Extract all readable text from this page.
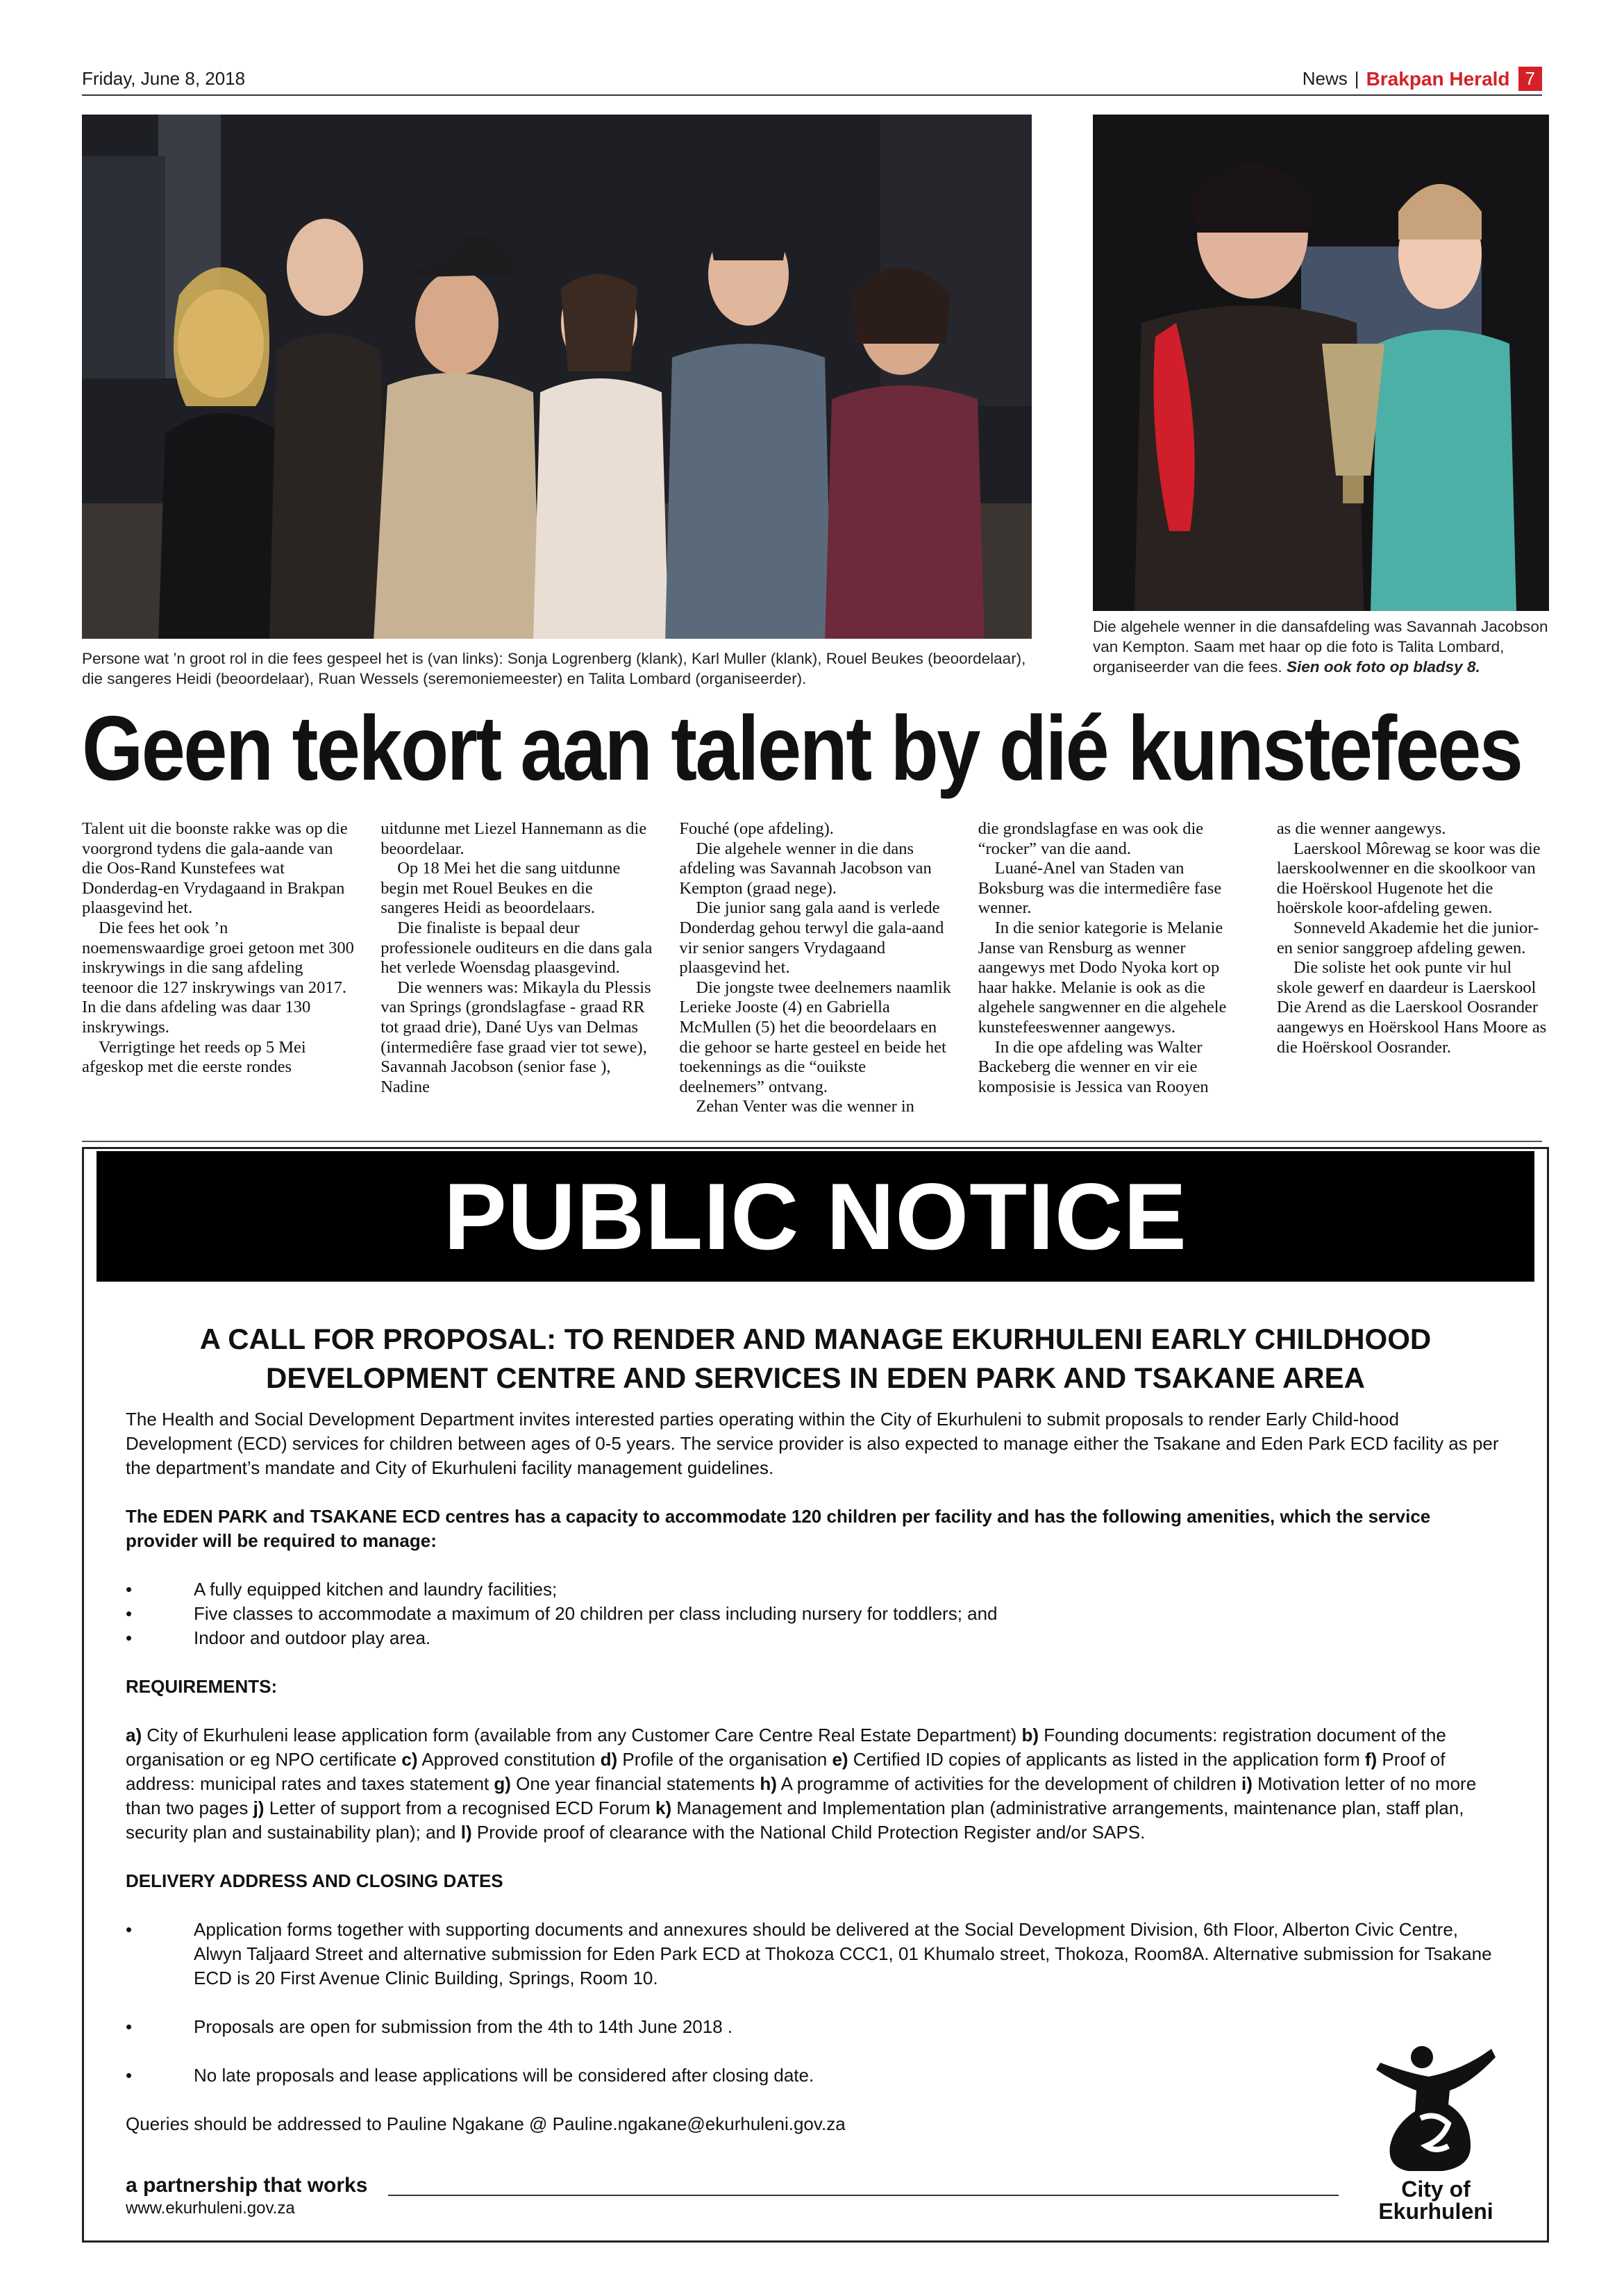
Friday, June 8, 2018	News | Brakpan Herald 7

Persone wat ’n groot rol in die fees gespeel het is (van links): Sonja Logrenberg (klank), Karl Muller (klank), Rouel Beukes (beoordelaar), die sangeres Heidi (beoordelaar), Ruan Wessels (seremoniemeester) en Talita Lombard (organiseerder).

Die algehele wenner in die dansafdeling was Savannah Jacobson van Kempton. Saam met haar op die foto is Talita Lombard, organiseerder van die fees. Sien ook foto op bladsy 8.

Geen tekort aan talent by dié kunstefees

Talent uit die boonste rakke was op die voorgrond tydens die gala-aande van die Oos-Rand Kunstefees wat Donderdag-en Vrydagaand in Brakpan plaasgevind het.

Die fees het ook ’n noemenswaardige groei getoon met 300 inskrywings in die sang afdeling teenoor die 127 inskrywings van 2017. In die dans afdeling was daar 130 inskrywings.

Verrigtinge het reeds op 5 Mei afgeskop met die eerste rondes

uitdunne met Liezel Hannemann as die beoordelaar.

Op 18 Mei het die sang uitdunne begin met Rouel Beukes en die sangeres Heidi as beoordelaars.

Die finaliste is bepaal deur professionele ouditeurs en die dans gala het verlede Woensdag plaasgevind.

Die wenners was: Mikayla du Plessis van Springs (grondslagfase - graad RR tot graad drie), Dané Uys van Delmas (intermediêre fase graad vier tot sewe), Savannah Jacobson (senior fase ), Nadine

Fouché (ope afdeling).

Die algehele wenner in die dans afdeling was Savannah Jacobson van Kempton (graad nege).

Die junior sang gala aand is verlede Donderdag gehou terwyl die gala-aand vir senior sangers Vrydagaand plaasgevind het.

Die jongste twee deelnemers naamlik Lerieke Jooste (4) en Gabriella McMullen (5) het die beoordelaars en die gehoor se harte gesteel en beide het toekennings as die “ouikste deelnemers” ontvang.

Zehan Venter was die wenner in

die grondslagfase en was ook die “rocker” van die aand.

Luané-Anel van Staden van Boksburg was die intermediêre fase wenner.

In die senior kategorie is Melanie Janse van Rensburg as wenner aangewys met Dodo Nyoka kort op haar hakke. Melanie is ook as die algehele sangwenner en die algehele kunstefeeswenner aangewys.

In die ope afdeling was Walter Backeberg die wenner en vir eie komposisie is Jessica van Rooyen

as die wenner aangewys.

Laerskool Môrewag se koor was die laerskoolwenner en die skoolkoor van die Hoërskool Hugenote het die hoërskole koor-afdeling gewen.

Sonneveld Akademie het die junior- en senior sanggroep afdeling gewen.

Die soliste het ook punte vir hul skole gewerf en daardeur is Laerskool Die Arend as die Laerskool Oosrander aangewys en Hoërskool Hans Moore as die Hoërskool Oosrander.

PUBLIC NOTICE
A CALL FOR PROPOSAL: TO RENDER AND MANAGE EKURHULENI EARLY CHILDHOOD DEVELOPMENT CENTRE AND SERVICES IN EDEN PARK AND TSAKANE AREA

The Health and Social Development Department invites interested parties operating within the City of Ekurhuleni to submit proposals to render Early Child-hood Development (ECD) services for children between ages of 0-5 years. The service provider is also expected to manage either the Tsakane and Eden Park ECD facility as per the department’s mandate and City of Ekurhuleni facility management guidelines.

The EDEN PARK and TSAKANE ECD centres has a capacity to accommodate 120 children per facility and has the following amenities, which the service provider will be required to manage:

•	A fully equipped kitchen and laundry facilities;
•	Five classes to accommodate a maximum of 20 children per class including nursery for toddlers; and
•	Indoor and outdoor play area.

REQUIREMENTS:

a) City of Ekurhuleni lease application form (available from any Customer Care Centre Real Estate Department) b) Founding documents: registration document of the organisation or eg NPO certificate c) Approved constitution d) Profile of the organisation e) Certified ID copies of applicants as listed in the application form f) Proof of address: municipal rates and taxes statement g) One year financial statements h) A programme of activities for the development of children i) Motivation letter of no more than two pages j) Letter of support from a recognised ECD Forum k) Management and Implementation plan (administrative arrangements, maintenance plan, staff plan, security plan and sustainability plan); and l) Provide proof of clearance with the National Child Protection Register and/or SAPS.

DELIVERY ADDRESS AND CLOSING DATES

•	Application forms together with supporting documents and annexures should be delivered at the Social Development Division, 6th Floor, Alberton Civic Centre, Alwyn Taljaard Street and alternative submission for Eden Park ECD at Thokoza CCC1, 01 Khumalo street, Thokoza, Room8A. Alternative submission for Tsakane ECD is 20 First Avenue Clinic Building, Springs, Room 10.
•	Proposals are open for submission from the 4th to 14th June 2018 .
•	No late proposals and lease applications will be considered after closing date.

Queries should be addressed to Pauline Ngakane @ Pauline.ngakane@ekurhuleni.gov.za

a partnership that works
www.ekurhuleni.gov.za
City of
Ekurhuleni
